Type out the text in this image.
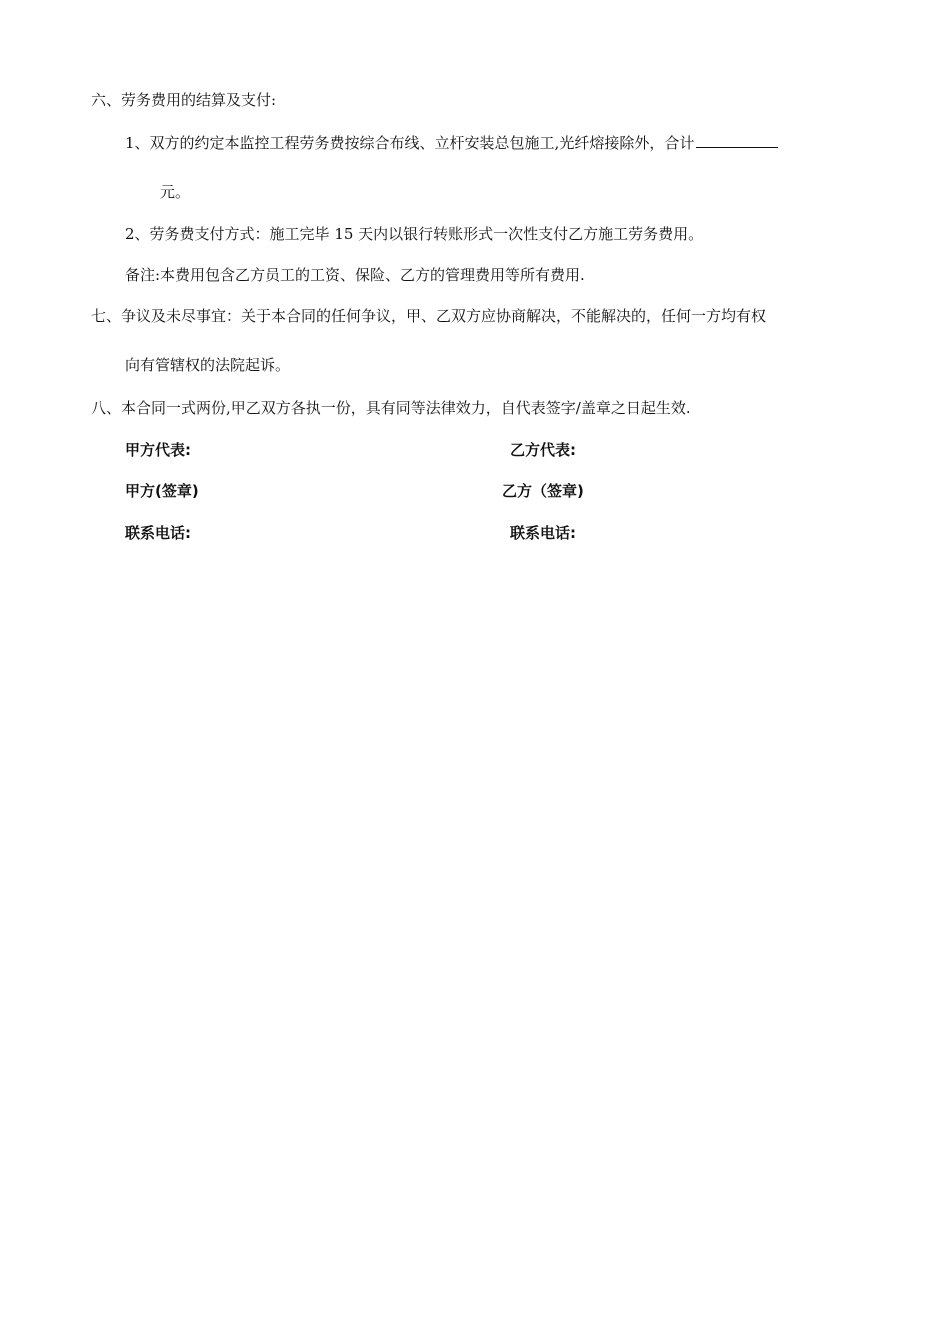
六、劳务费用的结算及支付:
1、双方的约定本监控工程劳务费按综合布线、立杆安装总包施工,光纤熔接除外，合计
元。
2、劳务费支付方式：施工完毕 15 天内以银行转账形式一次性支付乙方施工劳务费用。
备注:本费用包含乙方员工的工资、保险、乙方的管理费用等所有费用.
七、争议及未尽事宜：关于本合同的任何争议，甲、乙双方应协商解决，不能解决的，任何一方均有权
向有管辖权的法院起诉。
八、本合同一式两份,甲乙双方各执一份，具有同等法律效力，自代表签字/盖章之日起生效.
甲方代表:	乙方代表:
甲方(签章)	乙方（签章)
联系电话:	联系电话:
